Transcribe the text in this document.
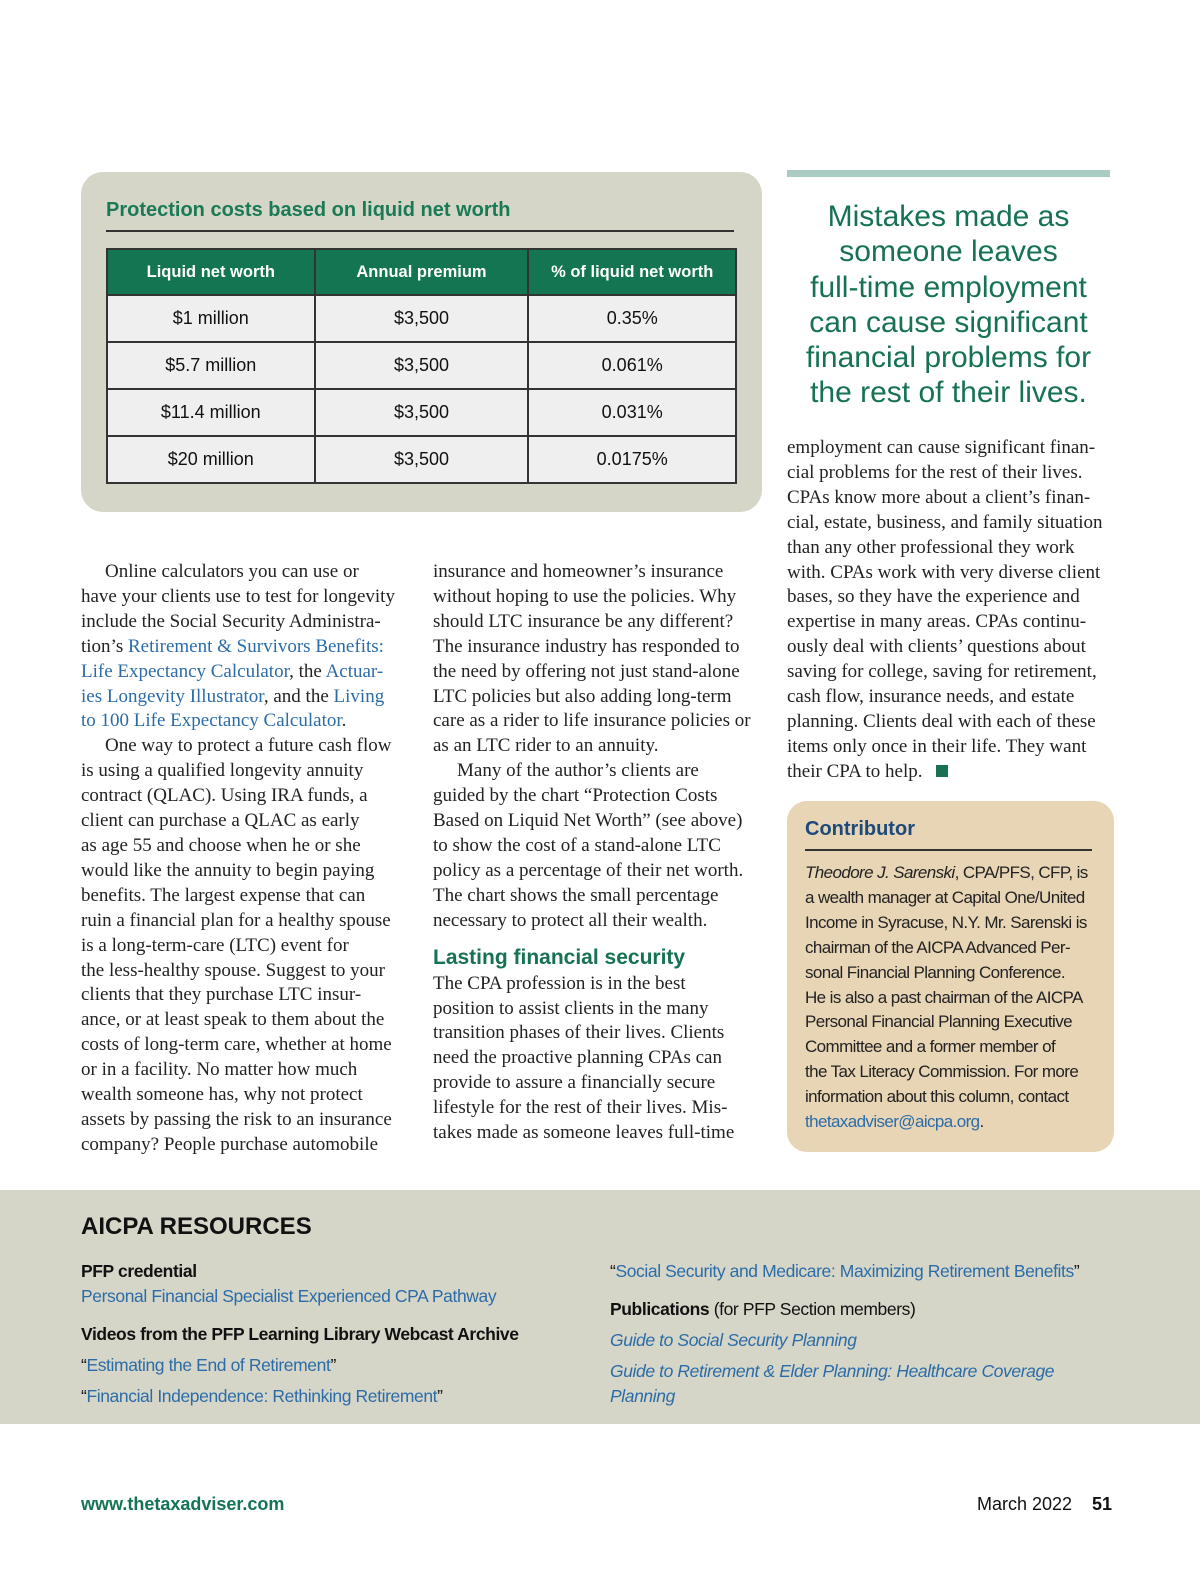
Protection costs based on liquid net worth
Liquid net worth	Annual premium	% of liquid net worth
$1 million	$3,500	0.35%
$5.7 million	$3,500	0.061%
$11.4 million	$3,500	0.031%
$20 million	$3,500	0.0175%
Mistakes made as
someone leaves
full-time employment
can cause significant
financial problems for
the rest of their lives.
Online calculators you can use or
have your clients use to test for longevity
include the Social Security Administra-
tion’s Retirement & Survivors Benefits:
Life Expectancy Calculator, the Actuar-
ies Longevity Illustrator, and the Living
to 100 Life Expectancy Calculator.
One way to protect a future cash flow
is using a qualified longevity annuity
contract (QLAC). Using IRA funds, a
client can purchase a QLAC as early
as age 55 and choose when he or she
would like the annuity to begin paying
benefits. The largest expense that can
ruin a financial plan for a healthy spouse
is a long-term-care (LTC) event for
the less-healthy spouse. Suggest to your
clients that they purchase LTC insur-
ance, or at least speak to them about the
costs of long-term care, whether at home
or in a facility. No matter how much
wealth someone has, why not protect
assets by passing the risk to an insurance
company? People purchase automobile
insurance and homeowner’s insurance
without hoping to use the policies. Why
should LTC insurance be any different?
The insurance industry has responded to
the need by offering not just stand-alone
LTC policies but also adding long-term
care as a rider to life insurance policies or
as an LTC rider to an annuity.
Many of the author’s clients are
guided by the chart “Protection Costs
Based on Liquid Net Worth” (see above)
to show the cost of a stand-alone LTC
policy as a percentage of their net worth.
The chart shows the small percentage
necessary to protect all their wealth.
Lasting financial security
The CPA profession is in the best
position to assist clients in the many
transition phases of their lives. Clients
need the proactive planning CPAs can
provide to assure a financially secure
lifestyle for the rest of their lives. Mis-
takes made as someone leaves full-time
employment can cause significant finan-
cial problems for the rest of their lives.
CPAs know more about a client’s finan-
cial, estate, business, and family situation
than any other professional they work
with. CPAs work with very diverse client
bases, so they have the experience and
expertise in many areas. CPAs continu-
ously deal with clients’ questions about
saving for college, saving for retirement,
cash flow, insurance needs, and estate
planning. Clients deal with each of these
items only once in their life. They want
their CPA to help.
Contributor
Theodore J. Sarenski, CPA/PFS, CFP, is
a wealth manager at Capital One/United
Income in Syracuse, N.Y. Mr. Sarenski is
chairman of the AICPA Advanced Per-
sonal Financial Planning Conference.
He is also a past chairman of the AICPA
Personal Financial Planning Executive
Committee and a former member of
the Tax Literacy Commission. For more
information about this column, contact
thetaxadviser@aicpa.org.
AICPA RESOURCES
PFP credential
Personal Financial Specialist Experienced CPA Pathway
Videos from the PFP Learning Library Webcast Archive
“Estimating the End of Retirement”
“Financial Independence: Rethinking Retirement”
“Social Security and Medicare: Maximizing Retirement Benefits”
Publications (for PFP Section members)
Guide to Social Security Planning
Guide to Retirement & Elder Planning: Healthcare Coverage
Planning
www.thetaxadviser.com	March 2022 51
